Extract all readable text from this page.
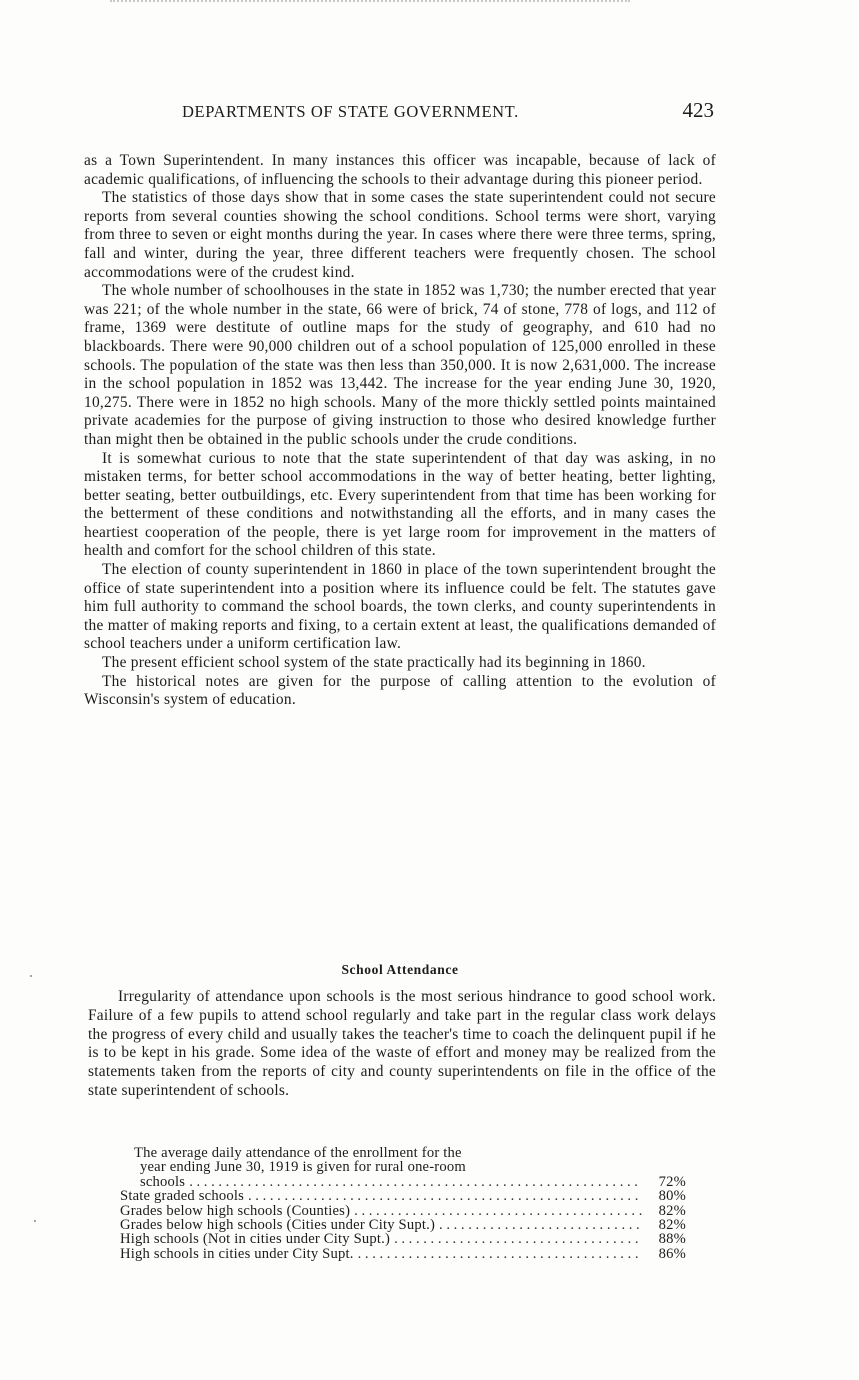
DEPARTMENTS OF STATE GOVERNMENT.	423

as a Town Superintendent. In many instances this officer was incapable, because of lack of academic qualifications, of influencing the schools to their advantage during this pioneer period.

The statistics of those days show that in some cases the state superintendent could not secure reports from several counties showing the school conditions. School terms were short, varying from three to seven or eight months during the year. In cases where there were three terms, spring, fall and winter, during the year, three different teachers were frequently chosen. The school accommodations were of the crudest kind.

The whole number of schoolhouses in the state in 1852 was 1,730; the number erected that year was 221; of the whole number in the state, 66 were of brick, 74 of stone, 778 of logs, and 112 of frame, 1369 were destitute of outline maps for the study of geography, and 610 had no blackboards. There were 90,000 children out of a school population of 125,000 enrolled in these schools. The population of the state was then less than 350,000. It is now 2,631,000. The increase in the school population in 1852 was 13,442. The increase for the year ending June 30, 1920, 10,275. There were in 1852 no high schools. Many of the more thickly settled points maintained private academies for the purpose of giving instruction to those who desired knowledge further than might then be obtained in the public schools under the crude conditions.

It is somewhat curious to note that the state superintendent of that day was asking, in no mistaken terms, for better school accommodations in the way of better heating, better lighting, better seating, better outbuildings, etc. Every superintendent from that time has been working for the betterment of these conditions and notwithstanding all the efforts, and in many cases the heartiest cooperation of the people, there is yet large room for improvement in the matters of health and comfort for the school children of this state.

The election of county superintendent in 1860 in place of the town superintendent brought the office of state superintendent into a position where its influence could be felt. The statutes gave him full authority to command the school boards, the town clerks, and county superintendents in the matter of making reports and fixing, to a certain extent at least, the qualifications demanded of school teachers under a uniform certification law.

The present efficient school system of the state practically had its beginning in 1860.

The historical notes are given for the purpose of calling attention to the evolution of Wisconsin's system of education.

School Attendance

Irregularity of attendance upon schools is the most serious hindrance to good school work. Failure of a few pupils to attend school regularly and take part in the regular class work delays the progress of every child and usually takes the teacher's time to coach the delinquent pupil if he is to be kept in his grade. Some idea of the waste of effort and money may be realized from the statements taken from the reports of city and county superintendents on file in the office of the state superintendent of schools.

The average daily attendance of the enrollment for the
year ending June 30, 1919 is given for rural one-room
schools . . .	72%
State graded schools . . .	80%
Grades below high schools (Counties) . . .	82%
Grades below high schools (Cities under City Supt.) . . .	82%
High schools (Not in cities under City Supt.) . . .	88%
High schools in cities under City Supt. . . .	86%
